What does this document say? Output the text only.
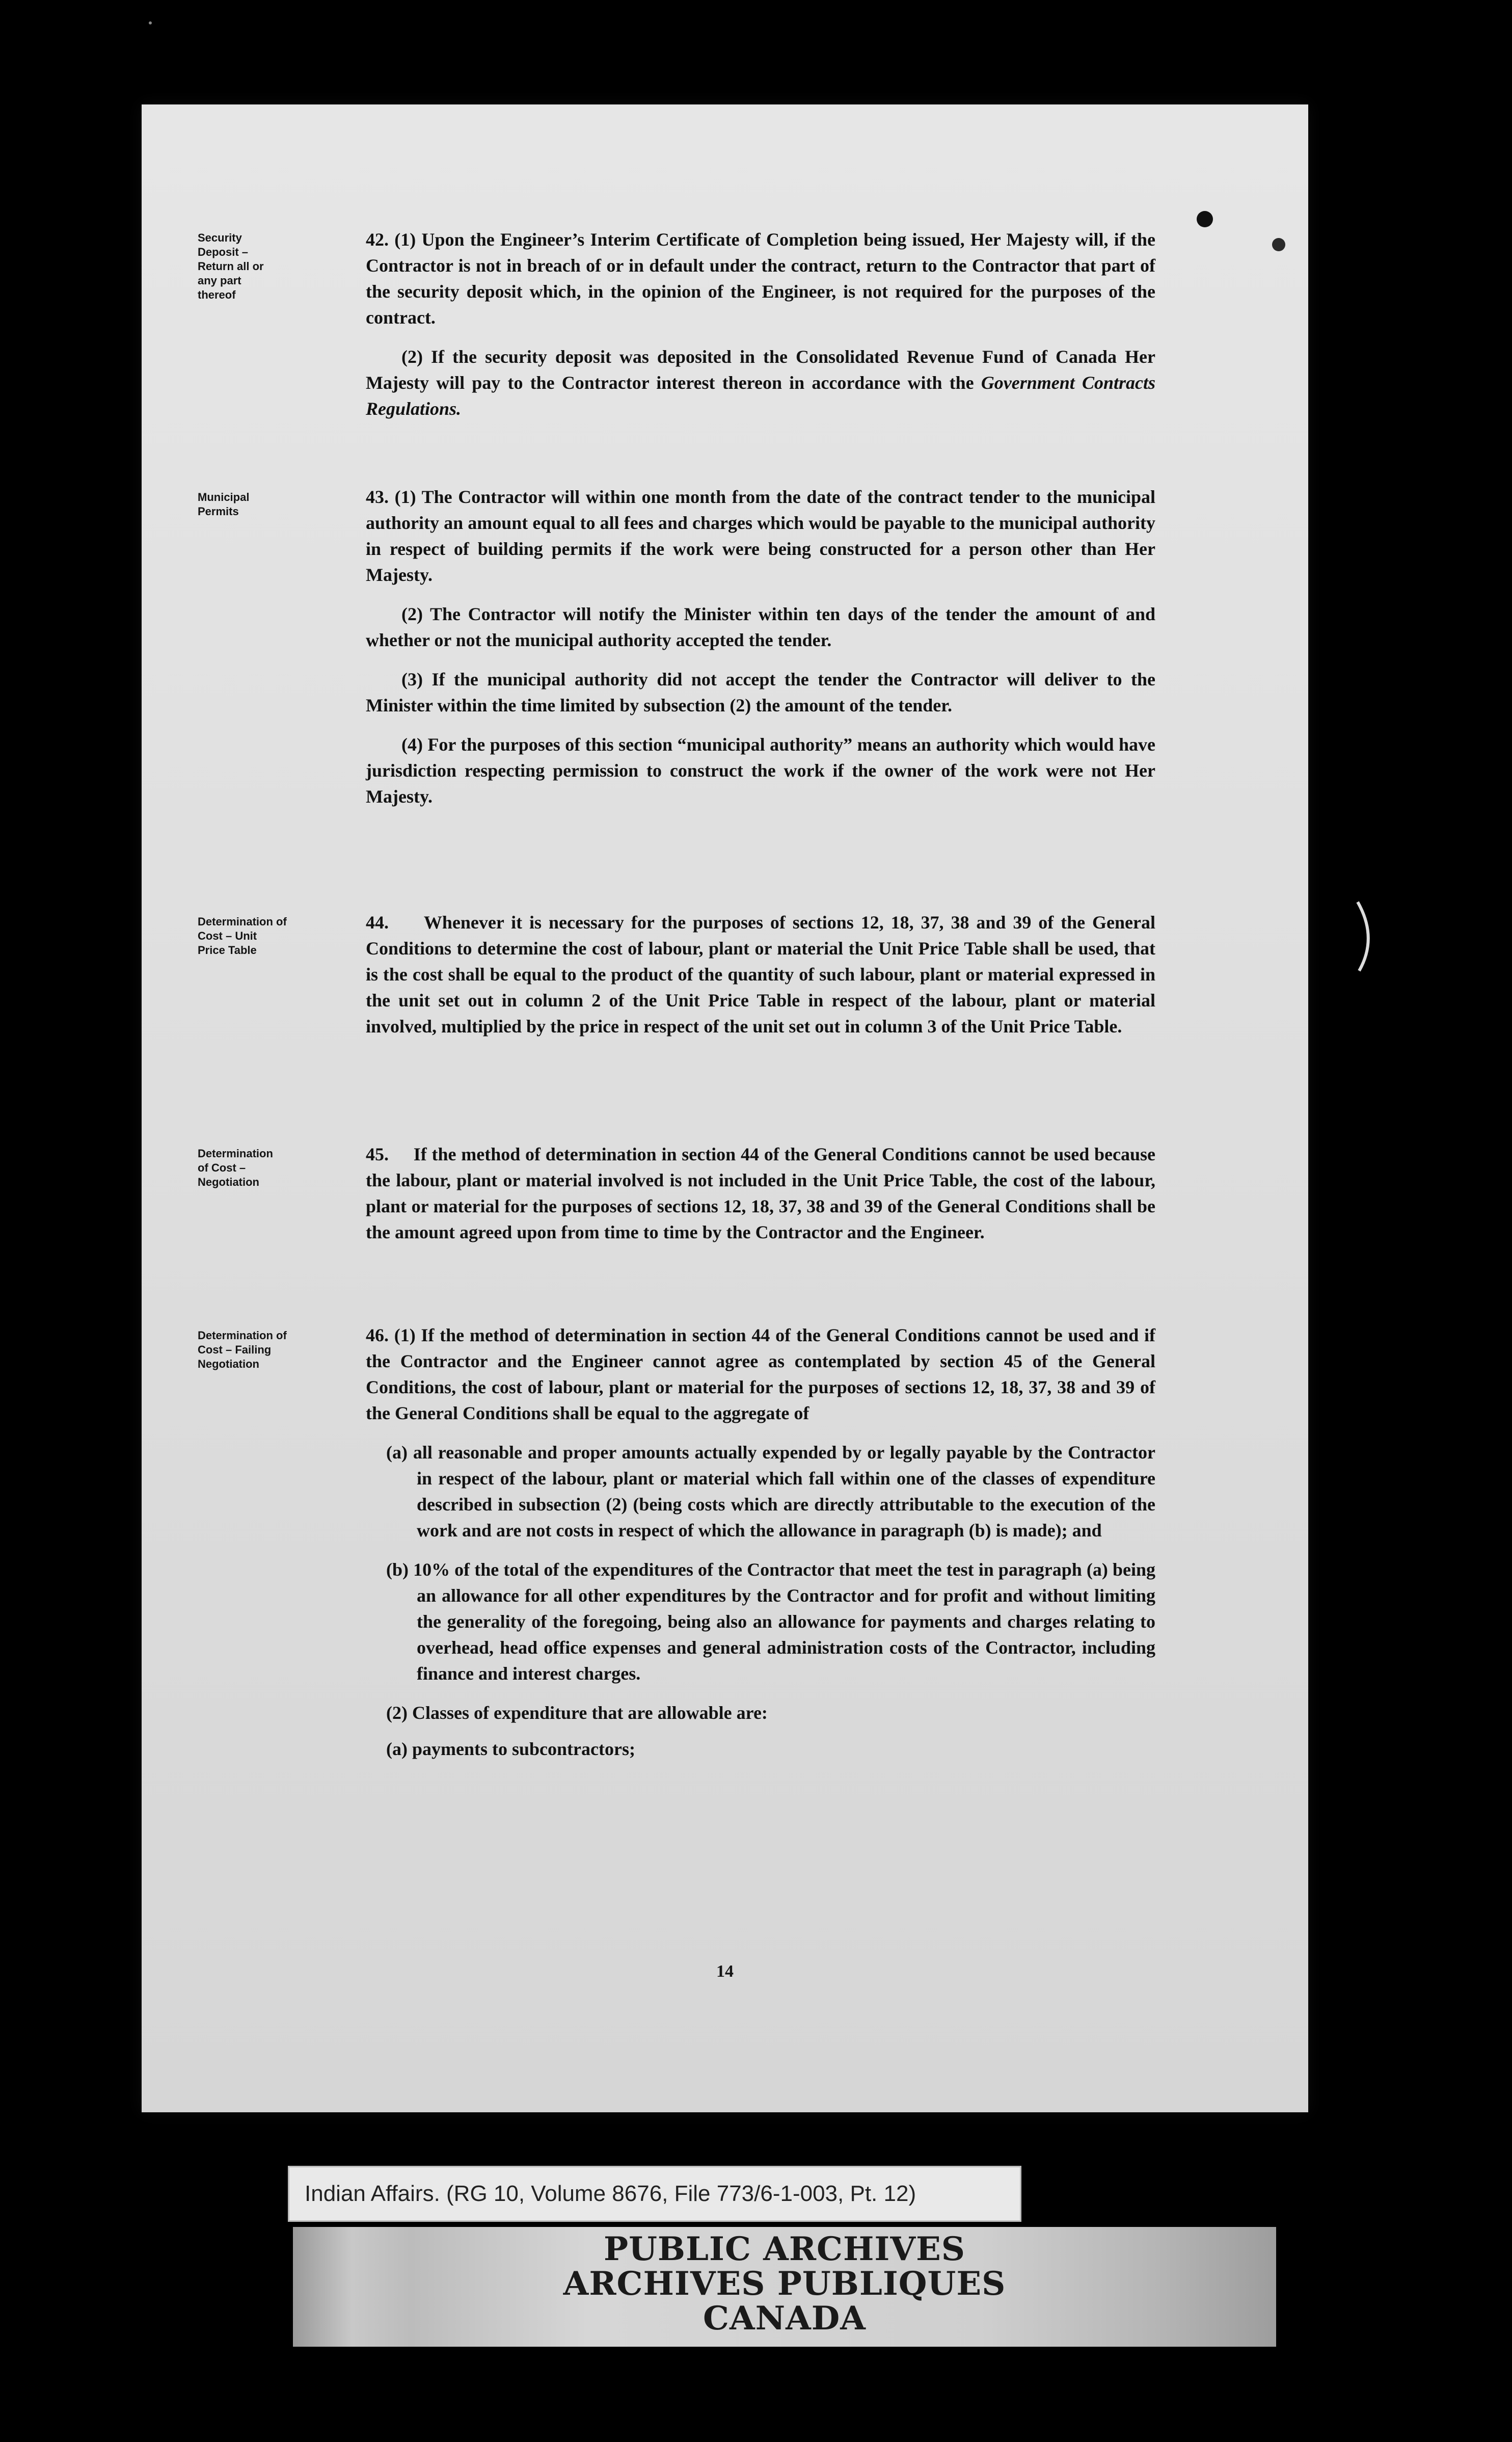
Security
Deposit –
Return all or
any part
thereof

42. (1) Upon the Engineer’s Interim Certificate of Completion being issued, Her Majesty will, if the Contractor is not in breach of or in default under the contract, return to the Contractor that part of the security deposit which, in the opinion of the Engineer, is not required for the purposes of the contract.

(2) If the security deposit was deposited in the Consolidated Revenue Fund of Canada Her Majesty will pay to the Contractor interest thereon in accordance with the Government Contracts Regulations.

Municipal
Permits

43. (1) The Contractor will within one month from the date of the contract tender to the municipal authority an amount equal to all fees and charges which would be payable to the municipal authority in respect of building permits if the work were being constructed for a person other than Her Majesty.

(2) The Contractor will notify the Minister within ten days of the tender the amount of and whether or not the municipal authority accepted the tender.

(3) If the municipal authority did not accept the tender the Contractor will deliver to the Minister within the time limited by subsection (2) the amount of the tender.

(4) For the purposes of this section “municipal authority” means an authority which would have jurisdiction respecting permission to construct the work if the owner of the work were not Her Majesty.

Determination of
Cost – Unit
Price Table

44.     Whenever it is necessary for the purposes of sections 12, 18, 37, 38 and 39 of the General Conditions to determine the cost of labour, plant or material the Unit Price Table shall be used, that is the cost shall be equal to the product of the quantity of such labour, plant or material expressed in the unit set out in column 2 of the Unit Price Table in respect of the labour, plant or material involved, multiplied by the price in respect of the unit set out in column 3 of the Unit Price Table.

Determination
of Cost –
Negotiation

45.     If the method of determination in section 44 of the General Conditions cannot be used because the labour, plant or material involved is not included in the Unit Price Table, the cost of the labour, plant or material for the purposes of sections 12, 18, 37, 38 and 39 of the General Conditions shall be the amount agreed upon from time to time by the Contractor and the Engineer.

Determination of
Cost – Failing
Negotiation

46. (1) If the method of determination in section 44 of the General Conditions cannot be used and if the Contractor and the Engineer cannot agree as contemplated by section 45 of the General Conditions, the cost of labour, plant or material for the purposes of sections 12, 18, 37, 38 and 39 of the General Conditions shall be equal to the aggregate of

(a) all reasonable and proper amounts actually expended by or legally payable by the Contractor in respect of the labour, plant or material which fall within one of the classes of expenditure described in subsection (2) (being costs which are directly attributable to the execution of the work and are not costs in respect of which the allowance in paragraph (b) is made); and

(b) 10% of the total of the expenditures of the Contractor that meet the test in paragraph (a) being an allowance for all other expenditures by the Contractor and for profit and without limiting the generality of the foregoing, being also an allowance for payments and charges relating to overhead, head office expenses and general administration costs of the Contractor, including finance and interest charges.

(2) Classes of expenditure that are allowable are:

(a) payments to subcontractors;

14
Indian Affairs. (RG 10, Volume 8676, File 773/6-1-003, Pt. 12)
PUBLIC ARCHIVES
ARCHIVES PUBLIQUES
CANADA
